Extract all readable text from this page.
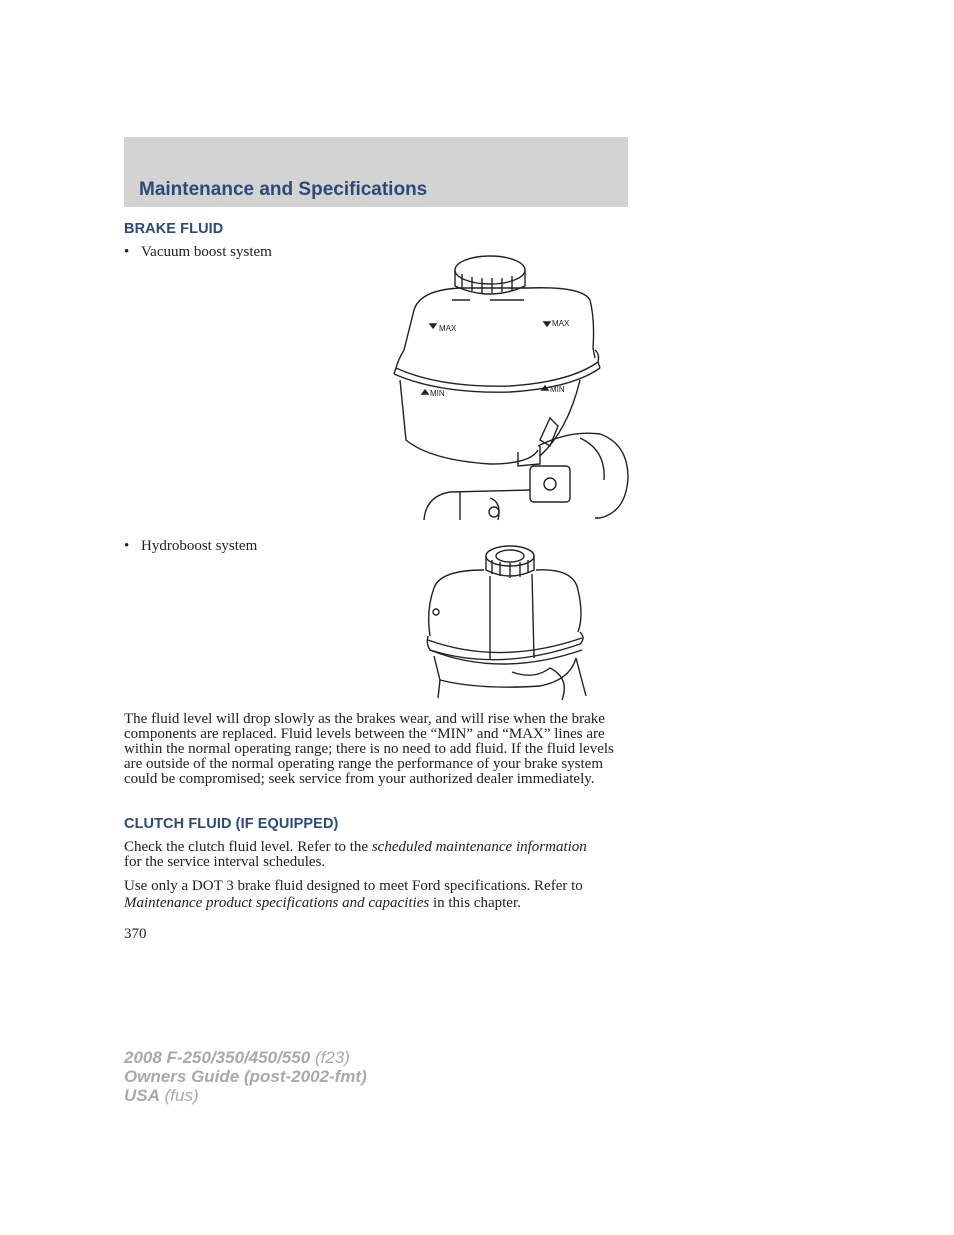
Maintenance and Specifications
BRAKE FLUID
• Vacuum boost system
MAX
MAX
MIN	MIN
• Hydroboost system
The fluid level will drop slowly as the brakes wear, and will rise when the brake components are replaced. Fluid levels between the “MIN” and “MAX” lines are within the normal operating range; there is no need to add fluid. If the fluid levels are outside of the normal operating range the performance of your brake system could be compromised; seek service from your authorized dealer immediately.
CLUTCH FLUID (IF EQUIPPED)
Check the clutch fluid level. Refer to the scheduled maintenance information for the service interval schedules.
Use only a DOT 3 brake fluid designed to meet Ford specifications. Refer to Maintenance product specifications and capacities in this chapter.
370
2008 F-250/350/450/550 (f23)
Owners Guide (post-2002-fmt)
USA (fus)
